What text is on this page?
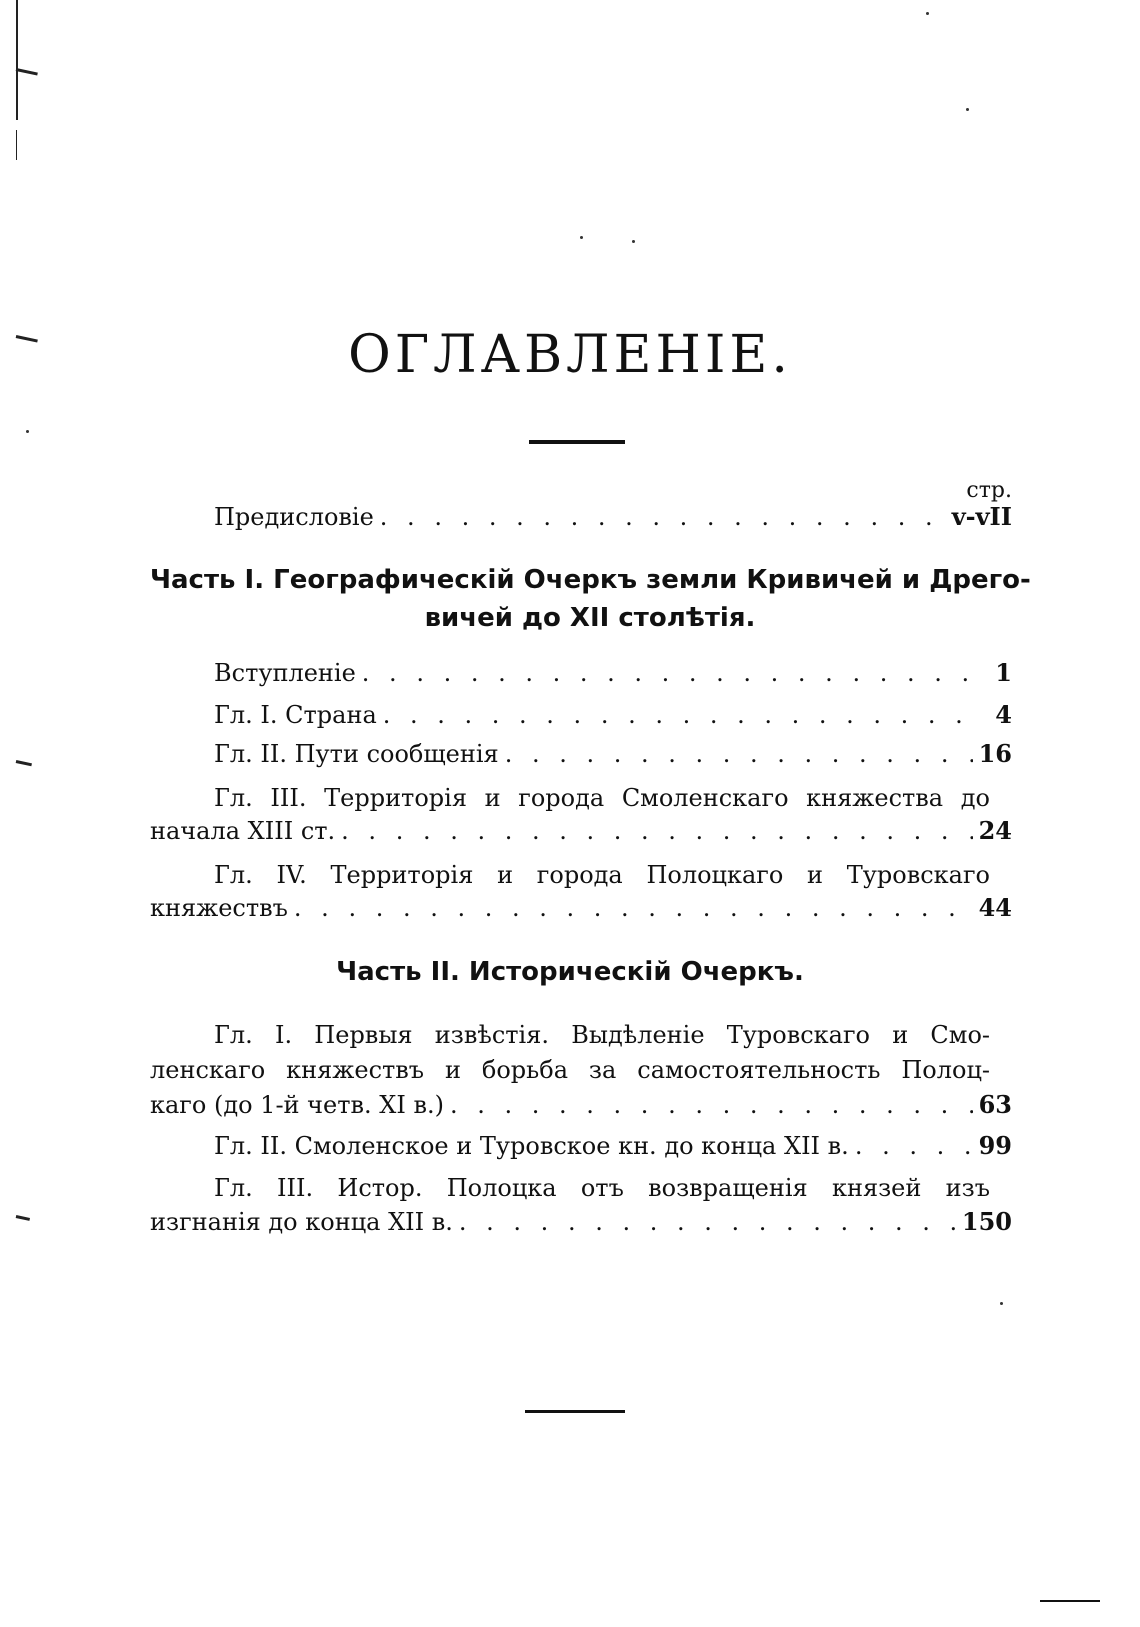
ОГЛАВЛЕНІЕ.
стр.
Предисловіе . . .	v-vII
Часть I. Географическій Очеркъ земли Кривичей и Дрего-
вичей до XII столѣтія.
Вступленіе . . .	1
Гл. I. Страна . . .	4
Гл. II. Пути сообщенія . . .	16
Гл. III. Территорія и города Смоленскаго княжества до
начала XIII ст. . . .	24
Гл. IV. Территорія и города Полоцкаго и Туровскаго
княжествъ . . .	44
Часть II. Историческій Очеркъ.
Гл. I. Первыя извѣстія. Выдѣленіе Туровскаго и Смо-
ленскаго княжествъ и борьба за самостоятельность Полоц-
каго (до 1-й четв. XI в.) . . .	63
Гл. II. Смоленское и Туровское кн. до конца XII в. . . .	99
Гл. III. Истор. Полоцка отъ возвращенія князей изъ
изгнанія до конца XII в. . . .	150
